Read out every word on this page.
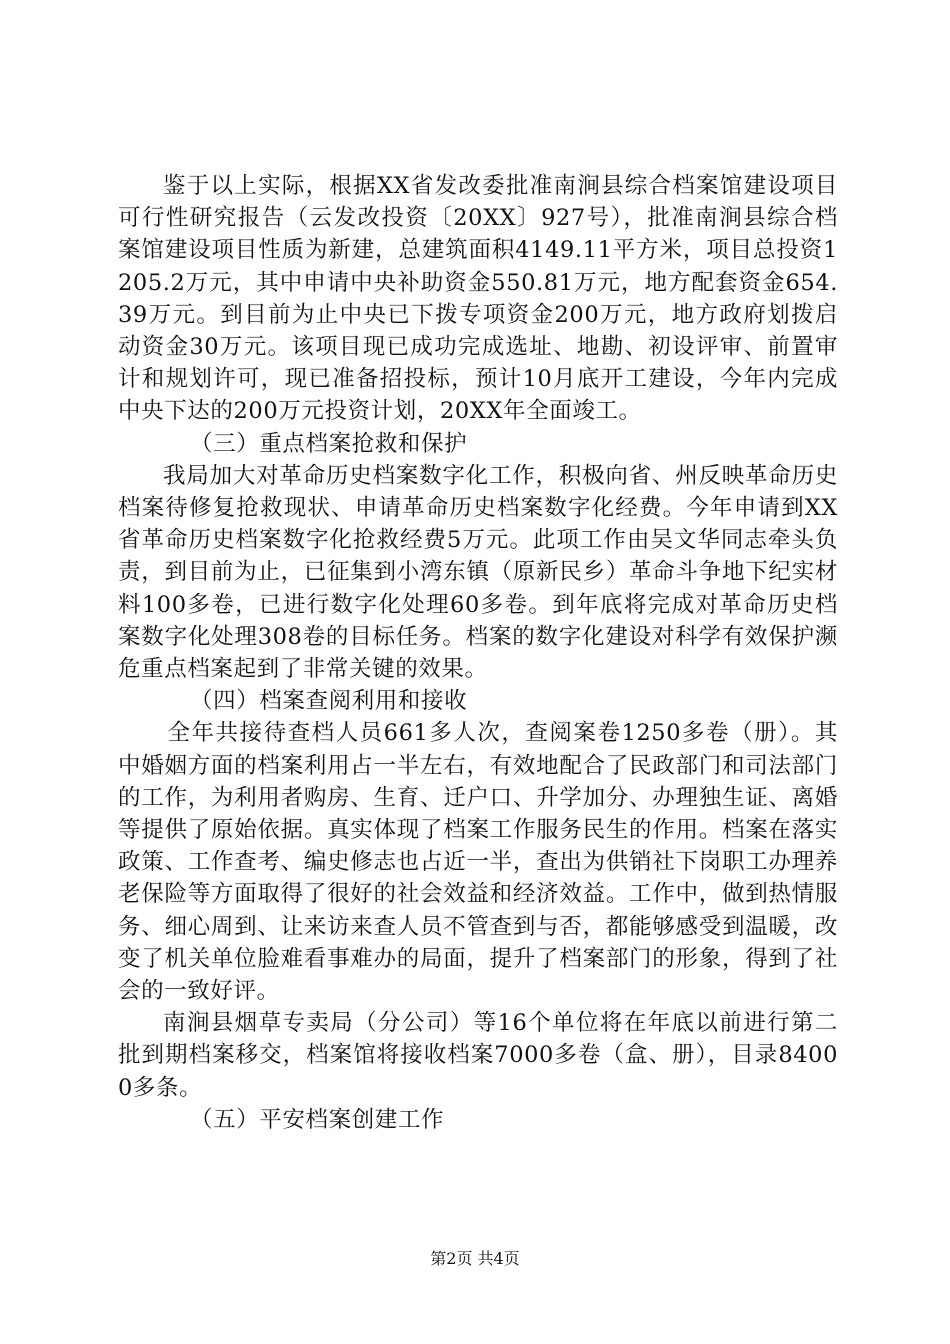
鉴于以上实际，根据XX省发改委批准南涧县综合档案馆建设项目可行性研究报告（云发改投资〔20XX〕927号），批准南涧县综合档案馆建设项目性质为新建，总建筑面积4149.11平方米，项目总投资1205.2万元，其中申请中央补助资金550.81万元，地方配套资金654.39万元。到目前为止中央已下拨专项资金200万元，地方政府划拨启动资金30万元。该项目现已成功完成选址、地勘、初设评审、前置审计和规划许可，现已准备招投标，预计10月底开工建设，今年内完成中央下达的200万元投资计划，20XX年全面竣工。

（三）重点档案抢救和保护

我局加大对革命历史档案数字化工作，积极向省、州反映革命历史档案待修复抢救现状、申请革命历史档案数字化经费。今年申请到XX省革命历史档案数字化抢救经费5万元。此项工作由吴文华同志牵头负责，到目前为止，已征集到小湾东镇（原新民乡）革命斗争地下纪实材料100多卷，已进行数字化处理60多卷。到年底将完成对革命历史档案数字化处理308卷的目标任务。档案的数字化建设对科学有效保护濒危重点档案起到了非常关键的效果。

（四）档案查阅利用和接收

全年共接待查档人员661多人次，查阅案卷1250多卷（册）。其中婚姻方面的档案利用占一半左右，有效地配合了民政部门和司法部门的工作，为利用者购房、生育、迁户口、升学加分、办理独生证、离婚等提供了原始依据。真实体现了档案工作服务民生的作用。档案在落实政策、工作查考、编史修志也占近一半，查出为供销社下岗职工办理养老保险等方面取得了很好的社会效益和经济效益。工作中，做到热情服务、细心周到、让来访来查人员不管查到与否，都能够感受到温暖，改变了机关单位脸难看事难办的局面，提升了档案部门的形象，得到了社会的一致好评。

南涧县烟草专卖局（分公司）等16个单位将在年底以前进行第二批到期档案移交，档案馆将接收档案7000多卷（盒、册），目录84000多条。

（五）平安档案创建工作

第2页 共4页
